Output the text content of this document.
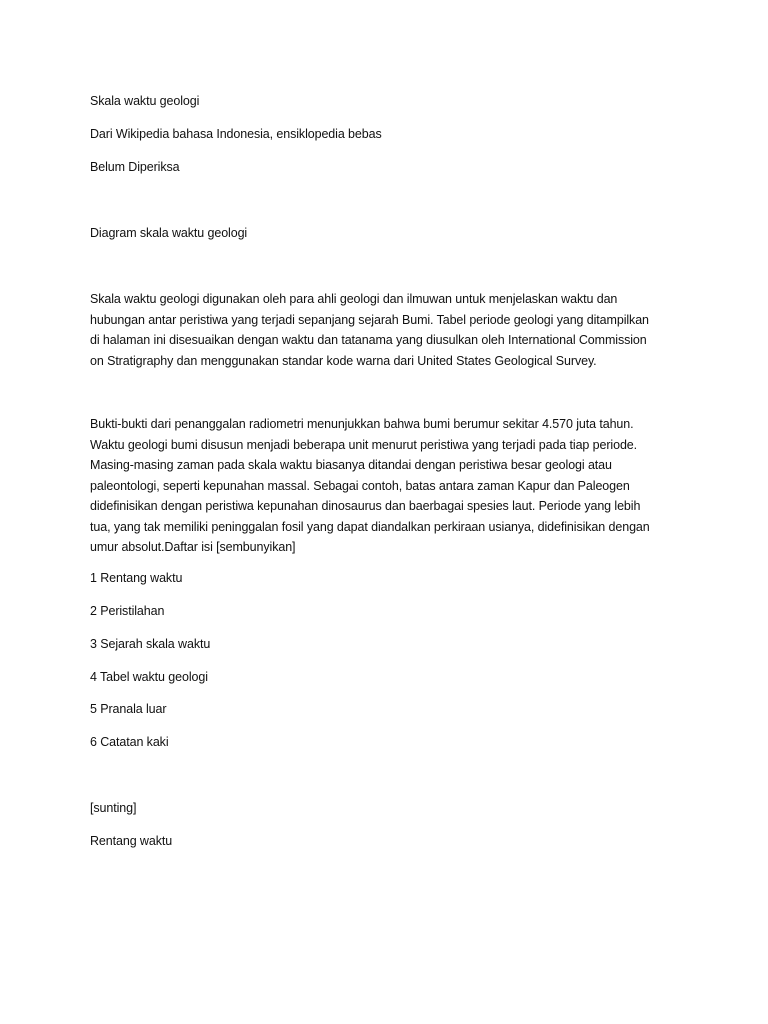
Skala waktu geologi
Dari Wikipedia bahasa Indonesia, ensiklopedia bebas
Belum Diperiksa
Diagram skala waktu geologi
Skala waktu geologi digunakan oleh para ahli geologi dan ilmuwan untuk menjelaskan waktu dan
hubungan antar peristiwa yang terjadi sepanjang sejarah Bumi. Tabel periode geologi yang ditampilkan
di halaman ini disesuaikan dengan waktu dan tatanama yang diusulkan oleh International Commission
on Stratigraphy dan menggunakan standar kode warna dari United States Geological Survey.
Bukti-bukti dari penanggalan radiometri menunjukkan bahwa bumi berumur sekitar 4.570 juta tahun.
Waktu geologi bumi disusun menjadi beberapa unit menurut peristiwa yang terjadi pada tiap periode.
Masing-masing zaman pada skala waktu biasanya ditandai dengan peristiwa besar geologi atau
paleontologi, seperti kepunahan massal. Sebagai contoh, batas antara zaman Kapur dan Paleogen
didefinisikan dengan peristiwa kepunahan dinosaurus dan baerbagai spesies laut. Periode yang lebih
tua, yang tak memiliki peninggalan fosil yang dapat diandalkan perkiraan usianya, didefinisikan dengan
umur absolut.Daftar isi [sembunyikan]
1 Rentang waktu
2 Peristilahan
3 Sejarah skala waktu
4 Tabel waktu geologi
5 Pranala luar
6 Catatan kaki
[sunting]
Rentang waktu
